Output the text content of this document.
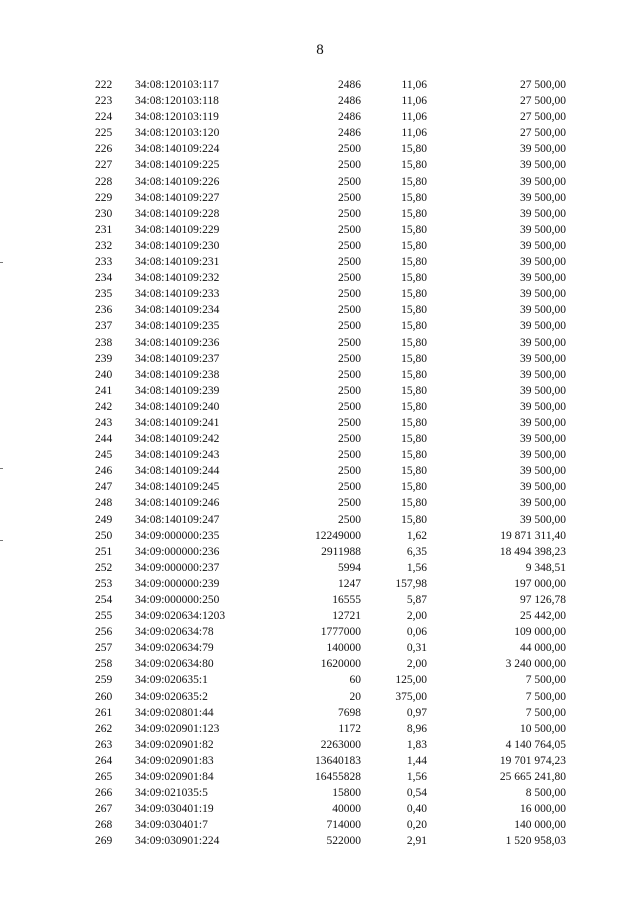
8
222 34:08:120103:117	2486	11,06	27 500,00
223 34:08:120103:118	2486	11,06	27 500,00
224 34:08:120103:119	2486	11,06	27 500,00
225 34:08:120103:120	2486	11,06	27 500,00
226 34:08:140109:224	2500	15,80	39 500,00
227 34:08:140109:225	2500	15,80	39 500,00
228 34:08:140109:226	2500	15,80	39 500,00
229 34:08:140109:227	2500	15,80	39 500,00
230 34:08:140109:228	2500	15,80	39 500,00
231 34:08:140109:229	2500	15,80	39 500,00
232 34:08:140109:230	2500	15,80	39 500,00
233 34:08:140109:231	2500	15,80	39 500,00
234 34:08:140109:232	2500	15,80	39 500,00
235 34:08:140109:233	2500	15,80	39 500,00
236 34:08:140109:234	2500	15,80	39 500,00
237 34:08:140109:235	2500	15,80	39 500,00
238 34:08:140109:236	2500	15,80	39 500,00
239 34:08:140109:237	2500	15,80	39 500,00
240 34:08:140109:238	2500	15,80	39 500,00
241 34:08:140109:239	2500	15,80	39 500,00
242 34:08:140109:240	2500	15,80	39 500,00
243 34:08:140109:241	2500	15,80	39 500,00
244 34:08:140109:242	2500	15,80	39 500,00
245 34:08:140109:243	2500	15,80	39 500,00
246 34:08:140109:244	2500	15,80	39 500,00
247 34:08:140109:245	2500	15,80	39 500,00
248 34:08:140109:246	2500	15,80	39 500,00
249 34:08:140109:247	2500	15,80	39 500,00
250 34:09:000000:235	12249000	1,62	19 871 311,40
251 34:09:000000:236	2911988	6,35	18 494 398,23
252 34:09:000000:237	5994	1,56	9 348,51
253 34:09:000000:239	1247	157,98	197 000,00
254 34:09:000000:250	16555	5,87	97 126,78
255 34:09:020634:1203	12721	2,00	25 442,00
256 34:09:020634:78	1777000	0,06	109 000,00
257 34:09:020634:79	140000	0,31	44 000,00
258 34:09:020634:80	1620000	2,00	3 240 000,00
259 34:09:020635:1	60	125,00	7 500,00
260 34:09:020635:2	20	375,00	7 500,00
261 34:09:020801:44	7698	0,97	7 500,00
262 34:09:020901:123	1172	8,96	10 500,00
263 34:09:020901:82	2263000	1,83	4 140 764,05
264 34:09:020901:83	13640183	1,44	19 701 974,23
265 34:09:020901:84	16455828	1,56	25 665 241,80
266 34:09:021035:5	15800	0,54	8 500,00
267 34:09:030401:19	40000	0,40	16 000,00
268 34:09:030401:7	714000	0,20	140 000,00
269 34:09:030901:224	522000	2,91	1 520 958,03
